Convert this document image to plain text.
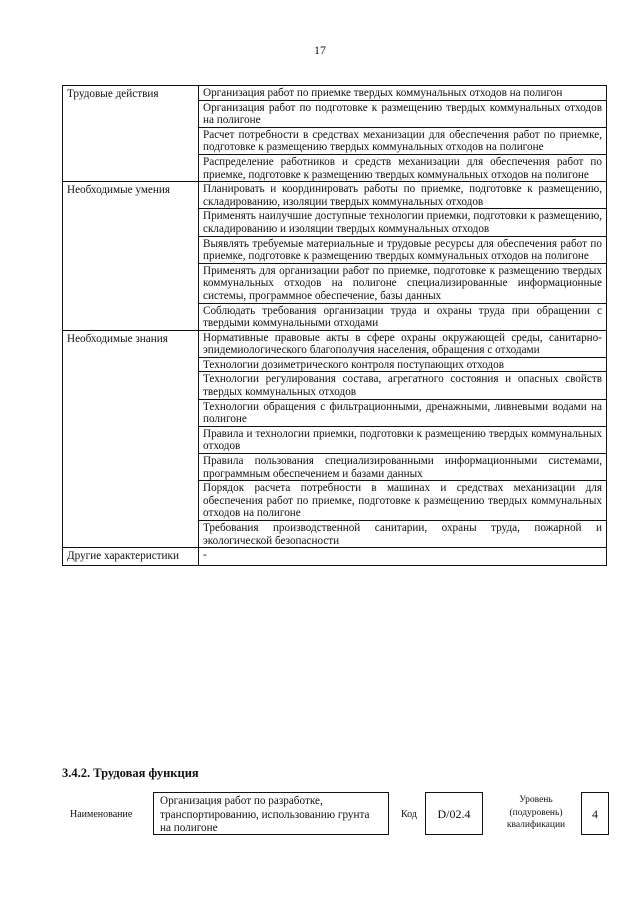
17
Трудовые действия	Организация работ по приемке твердых коммунальных отходов на полигон
	Организация работ по подготовке к размещению твердых коммунальных отходов на полигоне
	Расчет потребности в средствах механизации для обеспечения работ по приемке, подготовке к размещению твердых коммунальных отходов на полигоне
	Распределение работников и средств механизации для обеспечения работ по приемке, подготовке к размещению твердых коммунальных отходов на полигоне
Необходимые умения	Планировать и координировать работы по приемке, подготовке к размещению, складированию, изоляции твердых коммунальных отходов
	Применять наилучшие доступные технологии приемки, подготовки к размещению, складированию и изоляции твердых коммунальных отходов
	Выявлять требуемые материальные и трудовые ресурсы для обеспечения работ по приемке, подготовке к размещению твердых коммунальных отходов на полигоне
	Применять для организации работ по приемке, подготовке к размещению твердых коммунальных отходов на полигоне специализированные информационные системы, программное обеспечение, базы данных
	Соблюдать требования организации труда и охраны труда при обращении с твердыми коммунальными отходами
Необходимые знания	Нормативные правовые акты в сфере охраны окружающей среды, санитарно-эпидемиологического благополучия населения, обращения с отходами
	Технологии дозиметрического контроля поступающих отходов
	Технологии регулирования состава, агрегатного состояния и опасных свойств твердых коммунальных отходов
	Технологии обращения с фильтрационными, дренажными, ливневыми водами на полигоне
	Правила и технологии приемки, подготовки к размещению твердых коммунальных отходов
	Правила пользования специализированными информационными системами, программным обеспечением и базами данных
	Порядок расчета потребности в машинах и средствах механизации для обеспечения работ по приемке, подготовке к размещению твердых коммунальных отходов на полигоне
	Требования производственной санитарии, охраны труда, пожарной и экологической безопасности
Другие характеристики	-
3.4.2. Трудовая функция
Наименование
Организация работ по разработке, транспортированию, использованию грунта на полигоне
Код	D/02.4
Уровень (подуровень) квалификации
4
